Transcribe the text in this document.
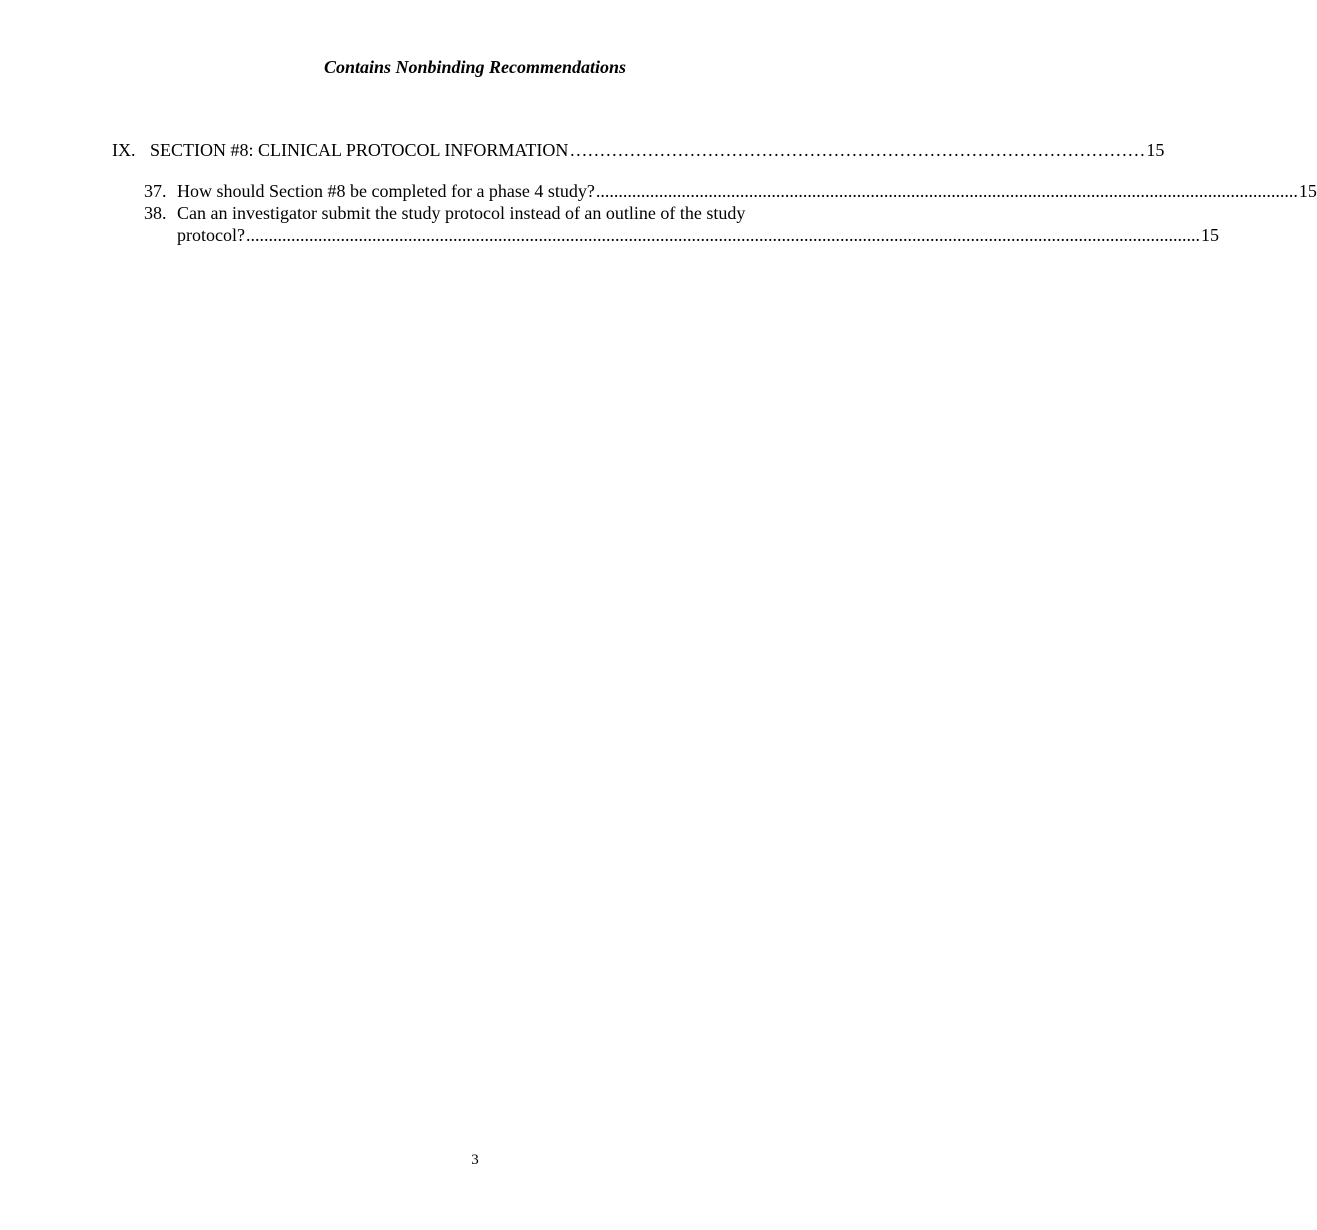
Contains Nonbinding Recommendations
IX. SECTION #8: CLINICAL PROTOCOL INFORMATION …………………………………………………………………………………… 15
37. How should Section #8 be completed for a phase 4 study? ............................................................................................................................................................ 15
38. Can an investigator submit the study protocol instead of an outline of the study
protocol? .................................................................................................................................................................................................................... 15
3
